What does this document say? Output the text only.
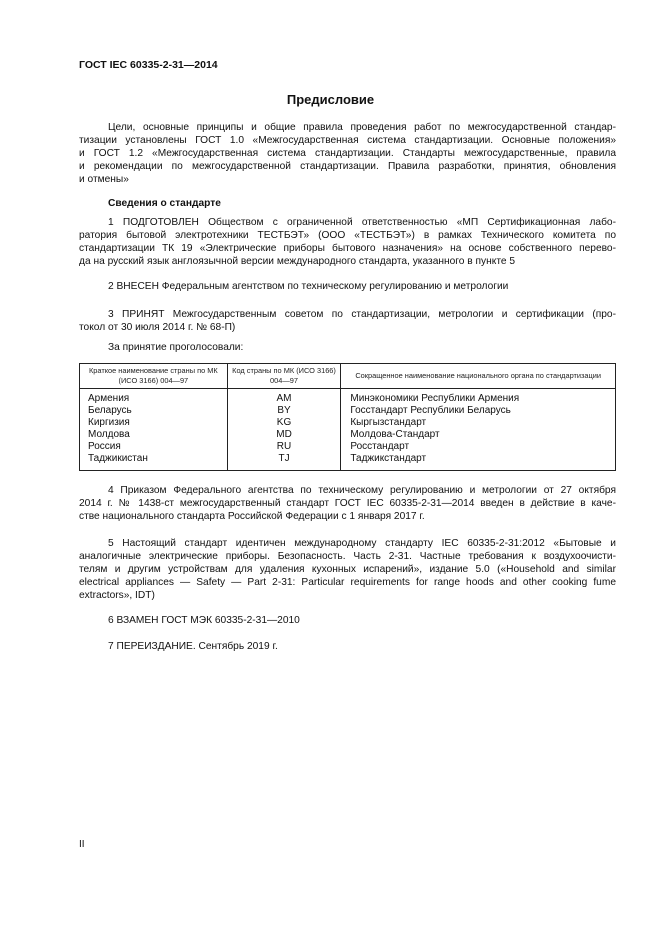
ГОСТ IEC 60335-2-31—2014
Предисловие
Цели, основные принципы и общие правила проведения работ по межгосударственной стандар-
тизации установлены ГОСТ 1.0 «Межгосударственная система стандартизации. Основные положения»
и ГОСТ 1.2 «Межгосударственная система стандартизации. Стандарты межгосударственные, правила
и рекомендации по межгосударственной стандартизации. Правила разработки, принятия, обновления
и отмены»
Сведения о стандарте
1 ПОДГОТОВЛЕН Обществом с ограниченной ответственностью «МП Сертификационная лабо-
ратория бытовой электротехники ТЕСТБЭТ» (ООО «ТЕСТБЭТ») в рамках Технического комитета по
стандартизации ТК 19 «Электрические приборы бытового назначения» на основе собственного перево-
да на русский язык англоязычной версии международного стандарта, указанного в пункте 5
2 ВНЕСЕН Федеральным агентством по техническому регулированию и метрологии
3 ПРИНЯТ Межгосударственным советом по стандартизации, метрологии и сертификации (про-
токол от 30 июля 2014 г. № 68-П)
За принятие проголосовали:
Краткое наименование страны по МК (ИСО 3166) 004—97	Код страны по МК (ИСО 3166) 004—97	Сокращенное наименование национального органа по стандартизации
Армения	AM	Минэкономики Республики Армения
Беларусь	BY	Госстандарт Республики Беларусь
Киргизия	KG	Кыргызстандарт
Молдова	MD	Молдова-Стандарт
Россия	RU	Росстандарт
Таджикистан	TJ	Таджикстандарт
4 Приказом Федерального агентства по техническому регулированию и метрологии от 27 октября
2014 г. № 1438-ст межгосударственный стандарт ГОСТ IEC 60335-2-31—2014 введен в действие в каче-
стве национального стандарта Российской Федерации с 1 января 2017 г.
5 Настоящий стандарт идентичен международному стандарту IEC 60335-2-31:2012 «Бытовые и
аналогичные электрические приборы. Безопасность. Часть 2-31. Частные требования к воздухоочисти-
телям и другим устройствам для удаления кухонных испарений», издание 5.0 («Household and similar
electrical appliances — Safety — Part 2-31: Particular requirements for range hoods and other cooking fume
extractors», IDT)
6 ВЗАМЕН ГОСТ МЭК 60335-2-31—2010
7 ПЕРЕИЗДАНИЕ. Сентябрь 2019 г.
II
